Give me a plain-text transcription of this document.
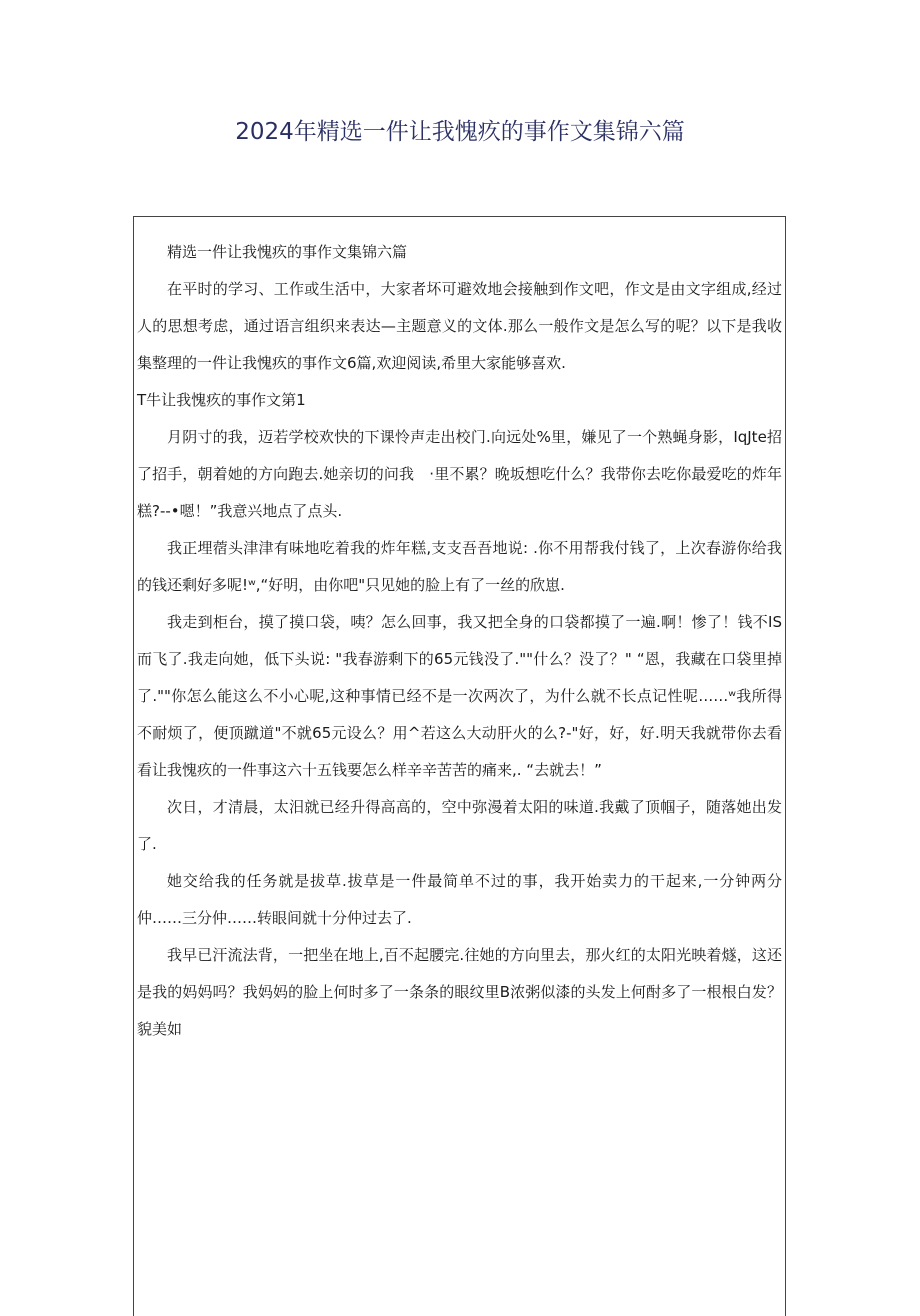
2024年精选一件让我愧疚的事作文集锦六篇

精选一件让我愧疚的事作文集锦六篇

在平时的学习、工作或生活中，大家者坏可避效地会接触到作文吧，作文是由文字组成,经过人的思想考虑，通过语言组织来表达—主题意义的文体.那么一般作文是怎么写的呢？以下是我收集整理的一件让我愧疚的事作文6篇,欢迎阅读,希里大家能够喜欢.

T牛让我愧疚的事作文第1

月阴寸的我，迈若学校欢快的下课怜声走出校门.向远处%里，嫌见了一个熟蝇身影，IqJte招了招手，朝着她的方向跑去.她亲切的问我　·里不累？晚坂想吃什么？我带你去吃你最爱吃的炸年糕?--•嗯！”我意兴地点了点头.

我正埋蓿头津津有味地吃着我的炸年糕,支支吾吾地说: .你不用帮我付钱了，上次春游你给我的钱还剩好多呢!ʷ,“好明，由你吧"只见她的脸上有了一丝的欣崽.

我走到柜台，摸了摸口袋，咦？怎么回事，我又把全身的口袋都摸了一遍.啊！惨了！钱不IS而飞了.我走向她，低下头说: "我春游剩下的65元钱没了.""什么？没了？" “恩，我藏在口袋里掉了.""你怎么能这么不小心呢,这种事情已经不是一次两次了，为什么就不长点记性呢……ʷ我所得不耐烦了，便顶蹴道"不就65元设么？用^若这么大动肝火的么?-"好，好，好.明天我就带你去看看让我愧疚的一件事这六十五钱要怎么样辛辛苦苦的痛来,. “去就去！”

次日，才清晨，太汨就已经升得高高的，空中弥漫着太阳的味道.我戴了顶帼子，随落她出发了.

她交给我的任务就是拔草.拔草是一件最简单不过的事，我开始卖力的干起来,一分钟两分仲……三分仲……转眼间就十分仲过去了.

我早已汗流法背，一把坐在地上,百不起腰完.往她的方向里去，那火红的太阳光映着燧，这还是我的妈妈吗？我妈妈的脸上何时多了一条条的眼纹里B浓粥似漆的头发上何酎多了一根根白发？貌美如
